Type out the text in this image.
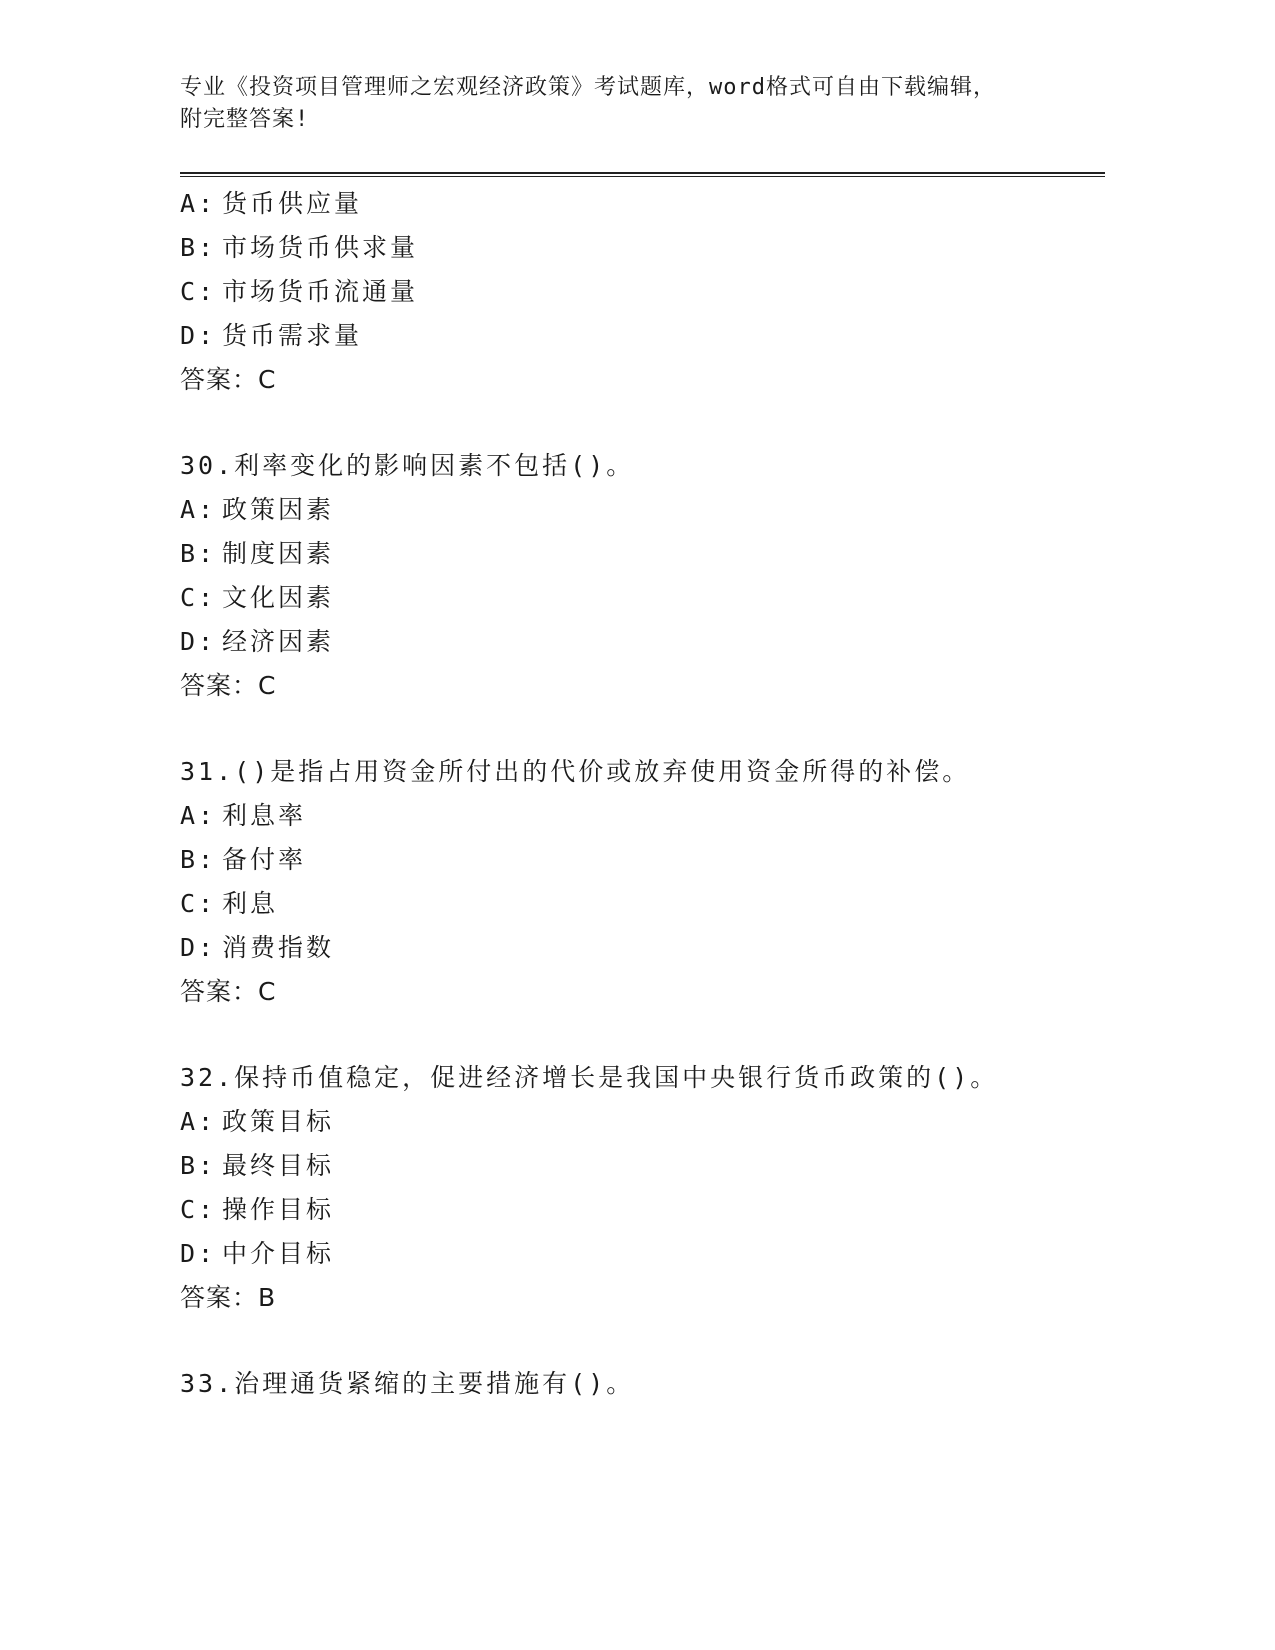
专业《投资项目管理师之宏观经济政策》考试题库，word格式可自由下载编辑，
附完整答案!
A: 货币供应量
B: 市场货币供求量
C: 市场货币流通量
D: 货币需求量
答案：C
30.利率变化的影响因素不包括()。
A: 政策因素
B: 制度因素
C: 文化因素
D: 经济因素
答案：C
31.()是指占用资金所付出的代价或放弃使用资金所得的补偿。
A: 利息率
B: 备付率
C: 利息
D: 消费指数
答案：C
32.保持币值稳定，促进经济增长是我国中央银行货币政策的()。
A: 政策目标
B: 最终目标
C: 操作目标
D: 中介目标
答案：B
33.治理通货紧缩的主要措施有()。
